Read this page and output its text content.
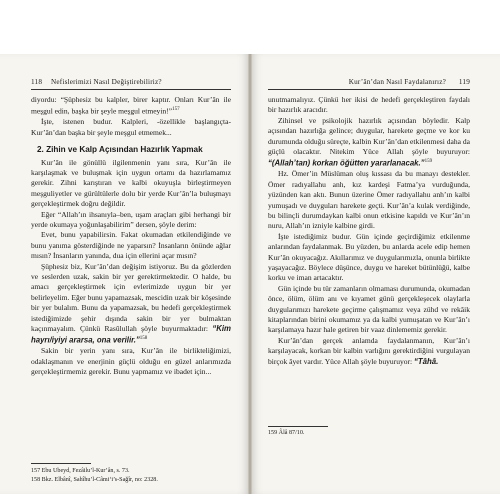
118 Nefislerimizi Nasıl Değiştirebiliriz?	Kur’ân’dan Nasıl Faydalanırız? 119

diyordu: “Şüphesiz bu kalpler, birer kaptır. Onları Kur’ân ile meşgul edin, başka bir şeyle meşgul etmeyin!”$^{157}$

İşte, istenen budur. Kalpleri, -özellikle başlangıçta- Kur’ân’dan başka bir şeyle meşgul etmemek...

2. Zihin ve Kalp Açısından Hazırlık Yapmak

Kur’ân ile gönüllü ilgilenmenin yanı sıra, Kur’ân ile karşılaşmak ve buluşmak için uygun ortamı da hazırlamamız gerekir. Zihni karıştıran ve kalbi okuyuşla birleştirmeyen meşguliyetler ve gürültülerle dolu bir yerde Kur’ân’la buluşmayı gerçekleştirmek doğru değildir.

Eğer “Allah’ın ihsanıyla–ben, uşam araçları gibi herhangi bir yerde okumaya yoğunlaşabilirim” dersen, şöyle derim:

Evet, bunu yapabilirsin. Fakat okumadan etkilendiğinde ve bunu yanıma gösterdiğinde ne yaparsın? İnsanların önünde ağlar mısın? İnsanların yanında, dua için ellerini açar mısın?

Şüphesiz biz, Kur’ân’dan değişim istiyoruz. Bu da gözlerden ve seslerden uzak, sakin bir yer gerektirmektedir. O halde, bu amacı gerçekleştirmek için evlerimizde uygun bir yer belirleyelim. Eğer bunu yapamazsak, mescidin uzak bir köşesinde bir yer bulalım. Bunu da yapamazsak, bu hedefi gerçekleştirmek istediğimizde şehir dışında sakin bir yer bulmaktan kaçınmayalım. Çünkü Rasûlullah şöyle buyurmaktadır: “Kim hayrı/iyiyi ararsa, ona verilir.”$^{158}$

Sakin bir yerin yanı sıra, Kur’ân ile birlikteliğimizi, odaklaşmanın ve enerjinin güçlü olduğu en güzel anlarımızda gerçekleştirmemiz gerekir. Bunu yapmamız ve ibadet için...

157 Ebu Ubeyd, Fezâilu’l-Kur’ân, s. 73.
158 Bkz. Elbânî, Sahîhu’l-Câmiʻi’s-Sağîr, no: 2328.

unutmamalıyız. Çünkü her ikisi de hedefi gerçekleştiren faydalı bir hazırlık aracıdır.

Zihinsel ve psikolojik hazırlık açısından böyledir. Kalp açısından hazırlığa gelince; duygular, harekete geçme ve kor ku durumunda olduğu süreçte, kalbin Kur’ân’dan etkilenmesi daha da güçlü olacaktır. Nitekim Yüce Allah şöyle buyuruyor: “(Allah’tan) korkan öğütten yararlanacak.”$^{159}$

Hz. Ömer’in Müslüman oluş kıssası da bu manayı destekler. Ömer radıyallahu anh, kız kardeşi Fatma’ya vurduğunda, yüzünden kan aktı. Bunun üzerine Ömer radıyallahu anh’ın kalbi yumuşadı ve duyguları harekete geçti. Kur’ân’a kulak verdiğinde, bu bilinçli durumdaykan kalbi onun etkisine kapıldı ve Kur’ân’ın nuru, Allah’ın izniyle kalbine girdi.

İşte istediğimiz budur. Gün içinde geçirdiğimiz etkilenme anlarından faydalanmak. Bu yüzden, bu anlarda acele edip hemen Kur’ân okuyacağız. Akıllarımız ve duygularımızla, onunla birlikte yaşayacağız. Böylece düşünce, duygu ve hareket bütünlüğü, kalbe korku ve iman artacaktır.

Gün içinde bu tür zamanların olmaması durumunda, okumadan önce, ölüm, ölüm anı ve kıyamet günü gerçekleşecek olaylarla duygularımızı harekete geçirme çalışmamız veya zühd ve rekâik kitaplarından birini okumamız ya da kalbi yumuşatan ve Kur’ân’ı karşılamaya hazır hale getiren bir vaaz dinlememiz gerekir.

Kur’ân’dan gerçek anlamda faydalanmanın, Kur’ân’ı karşılayacak, korkan bir kalbin varlığını gerektirdiğini vurgulayan birçok âyet vardır. Yüce Allah şöyle buyuruyor: “Tâhâ.

159 Âlâ 87/10.
